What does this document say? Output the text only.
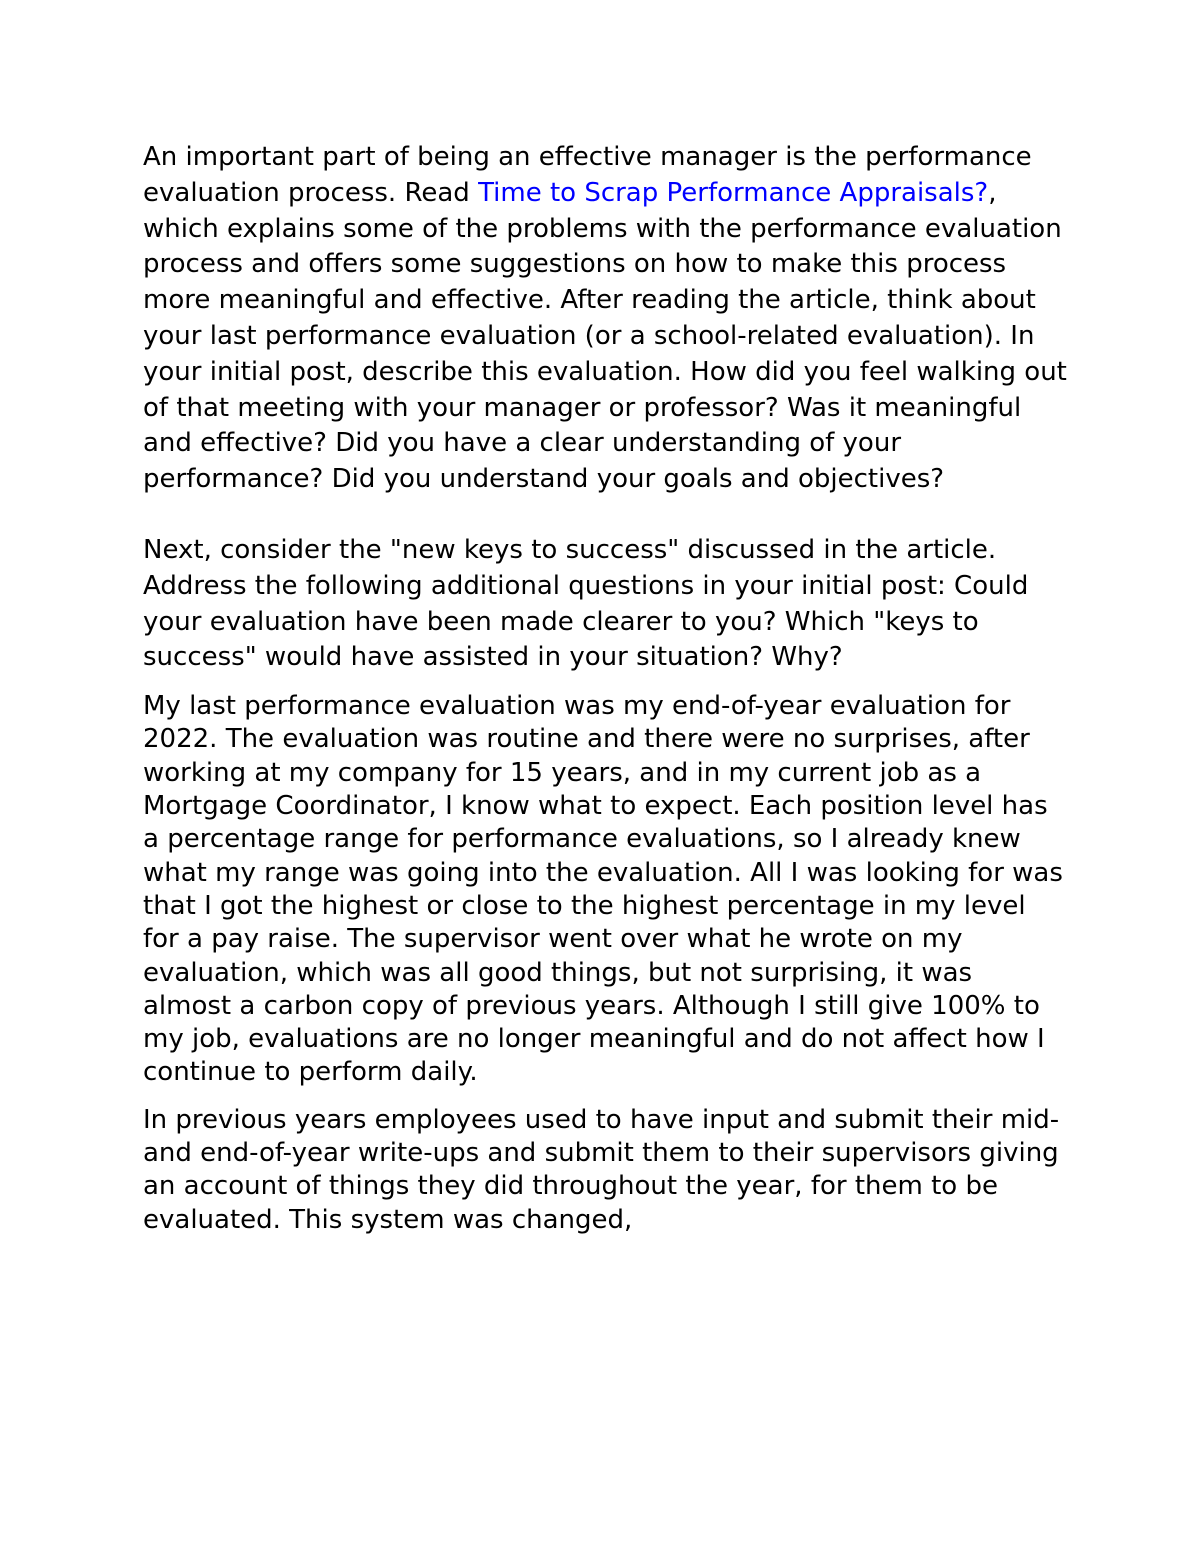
An important part of being an effective manager is the performance evaluation process. Read Time to Scrap Performance Appraisals?, which explains some of the problems with the performance evaluation process and offers some suggestions on how to make this process more meaningful and effective. After reading the article, think about your last performance evaluation (or a school-related evaluation). In your initial post, describe this evaluation. How did you feel walking out of that meeting with your manager or professor? Was it meaningful and effective? Did you have a clear understanding of your performance? Did you understand your goals and objectives?

Next, consider the "new keys to success" discussed in the article. Address the following additional questions in your initial post: Could your evaluation have been made clearer to you? Which "keys to success" would have assisted in your situation? Why?

My last performance evaluation was my end-of-year evaluation for 2022. The evaluation was routine and there were no surprises, after working at my company for 15 years, and in my current job as a Mortgage Coordinator, I know what to expect. Each position level has a percentage range for performance evaluations, so I already knew what my range was going into the evaluation. All I was looking for was that I got the highest or close to the highest percentage in my level for a pay raise. The supervisor went over what he wrote on my evaluation, which was all good things, but not surprising, it was almost a carbon copy of previous years. Although I still give 100% to my job, evaluations are no longer meaningful and do not affect how I continue to perform daily.

In previous years employees used to have input and submit their mid- and end-of-year write-ups and submit them to their supervisors giving an account of things they did throughout the year, for them to be evaluated. This system was changed,
